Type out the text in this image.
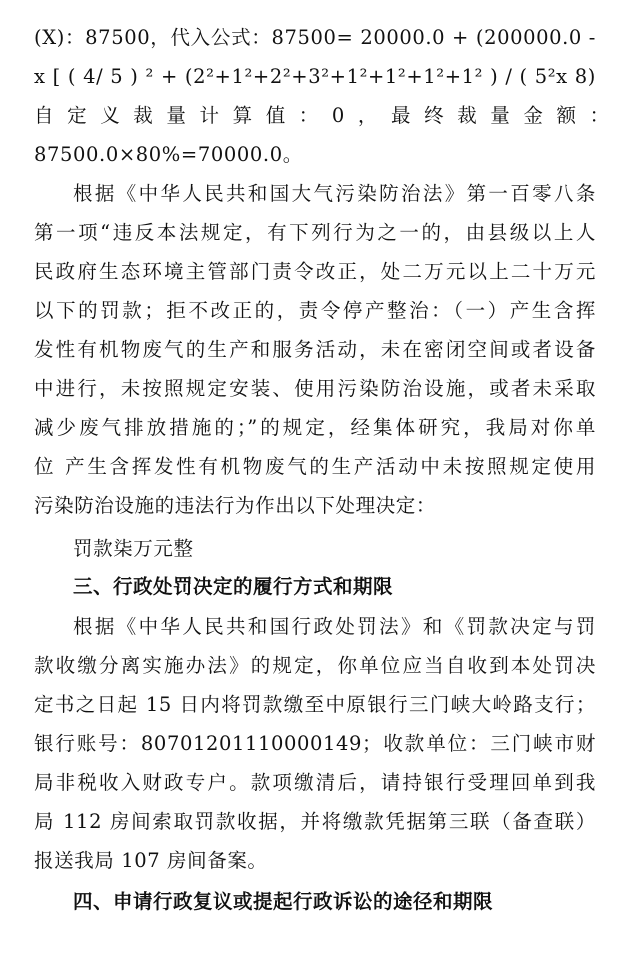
(X)：87500，代入公式：87500= 20000.0 + (200000.0 -
x [ ( 4/ 5 ) ² + (2²+1²+2²+3²+1²+1²+1²+1² ) / ( 5²x 8)
自定义裁量计算值：0，最终裁量金额：
87500.0×80%=70000.0。
根据《中华人民共和国大气污染防治法》第一百零八条
第一项“违反本法规定，有下列行为之一的，由县级以上人
民政府生态环境主管部门责令改正，处二万元以上二十万元
以下的罚款；拒不改正的，责令停产整治：（一）产生含挥
发性有机物废气的生产和服务活动，未在密闭空间或者设备
中进行，未按照规定安装、使用污染防治设施，或者未采取
减少废气排放措施的；”的规定，经集体研究，我局对你单
位 产生含挥发性有机物废气的生产活动中未按照规定使用
污染防治设施的违法行为作出以下处理决定：
罚款柒万元整
三、行政处罚决定的履行方式和期限
根据《中华人民共和国行政处罚法》和《罚款决定与罚
款收缴分离实施办法》的规定，你单位应当自收到本处罚决
定书之日起 15 日内将罚款缴至中原银行三门峡大岭路支行；
银行账号：80701201110000149；收款单位：三门峡市财
局非税收入财政专户。款项缴清后，请持银行受理回单到我
局 112 房间索取罚款收据，并将缴款凭据第三联（备查联）
报送我局 107 房间备案。
四、申请行政复议或提起行政诉讼的途径和期限
